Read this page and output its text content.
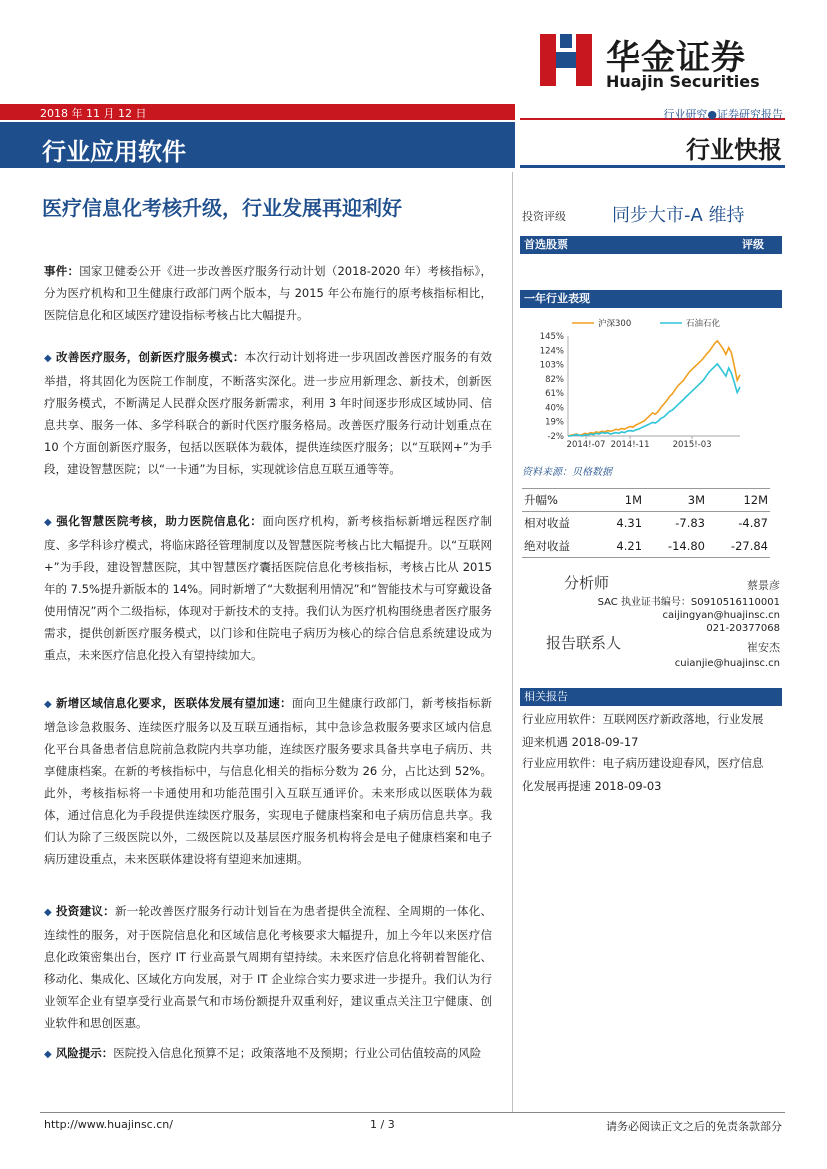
华金证券
Huajin Securities
2018 年 11 月 12 日	行业研究●证券研究报告
行业应用软件	行业快报
医疗信息化考核升级，行业发展再迎利好
事件：国家卫健委公开《进一步改善医疗服务行动计划（2018-2020 年）考核指标》，分为医疗机构和卫生健康行政部门两个版本，与 2015 年公布施行的原考核指标相比，医院信息化和区域医疗建设指标考核占比大幅提升。
◆ 改善医疗服务，创新医疗服务模式：本次行动计划将进一步巩固改善医疗服务的有效举措，将其固化为医院工作制度，不断落实深化。进一步应用新理念、新技术，创新医疗服务模式，不断满足人民群众医疗服务新需求，利用 3 年时间逐步形成区域协同、信息共享、服务一体、多学科联合的新时代医疗服务格局。改善医疗服务行动计划重点在 10 个方面创新医疗服务，包括以医联体为载体，提供连续医疗服务；以“互联网+”为手段，建设智慧医院；以“一卡通”为目标，实现就诊信息互联互通等等。
◆ 强化智慧医院考核，助力医院信息化：面向医疗机构，新考核指标新增远程医疗制度、多学科诊疗模式，将临床路径管理制度以及智慧医院考核占比大幅提升。以“互联网+”为手段，建设智慧医院，其中智慧医疗囊括医院信息化考核指标，考核占比从 2015 年的 7.5%提升新版本的 14%。同时新增了“大数据利用情况”和“智能技术与可穿戴设备使用情况”两个二级指标，体现对于新技术的支持。我们认为医疗机构围绕患者医疗服务需求，提供创新医疗服务模式，以门诊和住院电子病历为核心的综合信息系统建设成为重点，未来医疗信息化投入有望持续加大。
◆ 新增区域信息化要求，医联体发展有望加速：面向卫生健康行政部门，新考核指标新增急诊急救服务、连续医疗服务以及互联互通指标，其中急诊急救服务要求区域内信息化平台具备患者信息院前急救院内共享功能，连续医疗服务要求具备共享电子病历、共享健康档案。在新的考核指标中，与信息化相关的指标分数为 26 分，占比达到 52%。此外，考核指标将一卡通使用和功能范围引入互联互通评价。未来形成以医联体为载体，通过信息化为手段提供连续医疗服务，实现电子健康档案和电子病历信息共享。我们认为除了三级医院以外，二级医院以及基层医疗服务机构将会是电子健康档案和电子病历建设重点，未来医联体建设将有望迎来加速期。
◆ 投资建议：新一轮改善医疗服务行动计划旨在为患者提供全流程、全周期的一体化、连续性的服务，对于医院信息化和区域信息化考核要求大幅提升，加上今年以来医疗信息化政策密集出台，医疗 IT 行业高景气周期有望持续。未来医疗信息化将朝着智能化、移动化、集成化、区域化方向发展，对于 IT 企业综合实力要求进一步提升。我们认为行业领军企业有望享受行业高景气和市场份额提升双重利好，建议重点关注卫宁健康、创业软件和思创医惠。
◆ 风险提示：医院投入信息化预算不足；政策落地不及预期；行业公司估值较高的风险
投资评级	同步大市-A 维持
首选股票	评级
一年行业表现
145%
124%
103%
82%
61%
40%
19%
-2%
2014!-07 2014!-11	2015!-03
沪深300	石油石化
资料来源：贝格数据
升幅%	1M	3M	12M
相对收益	4.31	-7.83	-4.87
绝对收益	4.21	-14.80	-27.84
分析师	蔡景彦
SAC 执业证书编号：S0910516110001
caijingyan@huajinsc.cn
021-20377068
报告联系人	崔安杰
cuianjie@huajinsc.cn
相关报告
行业应用软件：互联网医疗新政落地，行业发展迎来机遇 2018-09-17
行业应用软件：电子病历建设迎春风，医疗信息化发展再提速 2018-09-03
http://www.huajinsc.cn/	1 / 3	请务必阅读正文之后的免责条款部分
